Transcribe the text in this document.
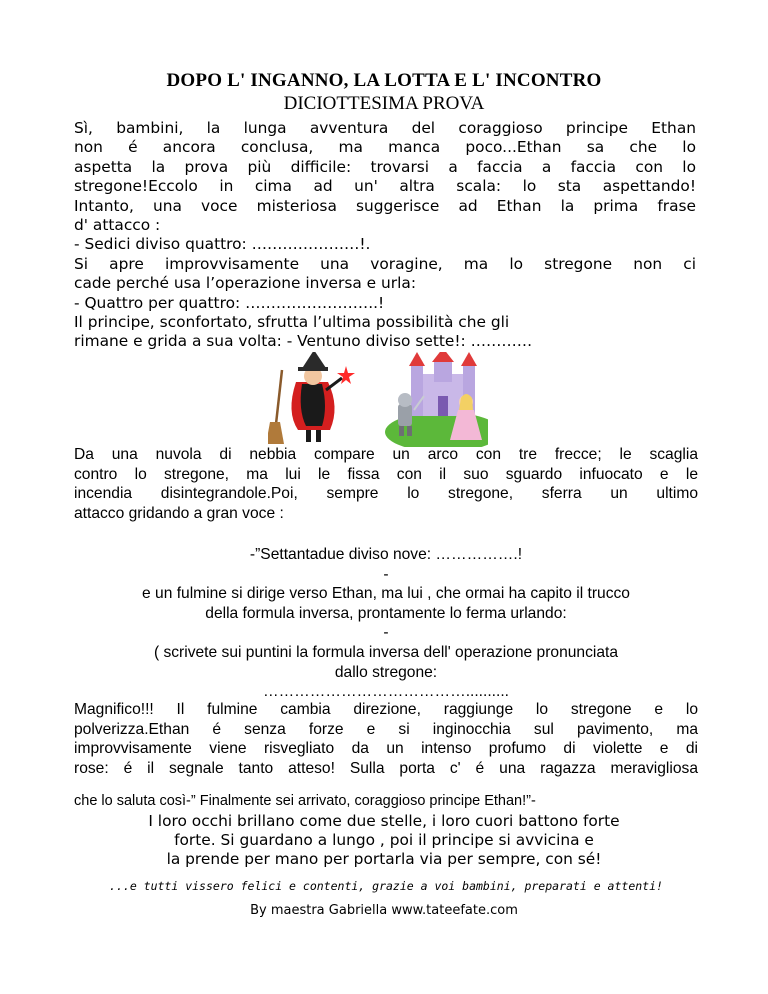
DOPO L' INGANNO, LA LOTTA E L' INCONTRO
DICIOTTESIMA PROVA
Sì, bambini, la lunga avventura del coraggioso principe Ethan
non é ancora conclusa, ma manca poco...Ethan sa che lo
aspetta la prova più difficile: trovarsi a faccia a faccia con lo
stregone!Eccolo in cima ad un' altra scala: lo sta aspettando!
Intanto, una voce misteriosa suggerisce ad Ethan la prima frase
d' attacco :
- Sedici diviso quattro: …………………!.
Si apre improvvisamente una voragine, ma lo stregone non ci
cade perché usa l’operazione inversa e urla:
- Quattro per quattro: ……………………..!
Il principe, sconfortato, sfrutta l’ultima possibilità che gli
rimane e grida a sua volta: - Ventuno diviso sette!: …………
Da una nuvola di nebbia compare un arco con tre frecce; le scaglia
contro lo stregone, ma lui le fissa con il suo sguardo infuocato e le
incendia disintegrandole.Poi, sempre lo stregone, sferra un ultimo
attacco gridando a gran voce :
-”Settantadue diviso nove: …………….!
-
e un fulmine si dirige verso Ethan, ma lui , che ormai ha capito il trucco
della formula inversa, prontamente lo ferma urlando:
-
( scrivete sui puntini la formula inversa dell' operazione pronunciata
dallo stregone:
…………………………………..........
Magnifico!!! Il fulmine cambia direzione, raggiunge lo stregone e lo
polverizza.Ethan é senza forze e si inginocchia sul pavimento, ma
improvvisamente viene risvegliato da un intenso profumo di violette e di
rose: é il segnale tanto atteso! Sulla porta c' é una ragazza meravigliosa
che lo saluta così-” Finalmente sei arrivato, coraggioso principe Ethan!”-
I loro occhi brillano come due stelle, i loro cuori battono forte
forte. Si guardano a lungo , poi il principe si avvicina e
la prende per mano per portarla via per sempre, con sé!
...e tutti vissero felici e contenti, grazie a voi bambini, preparati e attenti!
By maestra Gabriella www.tateefate.com
